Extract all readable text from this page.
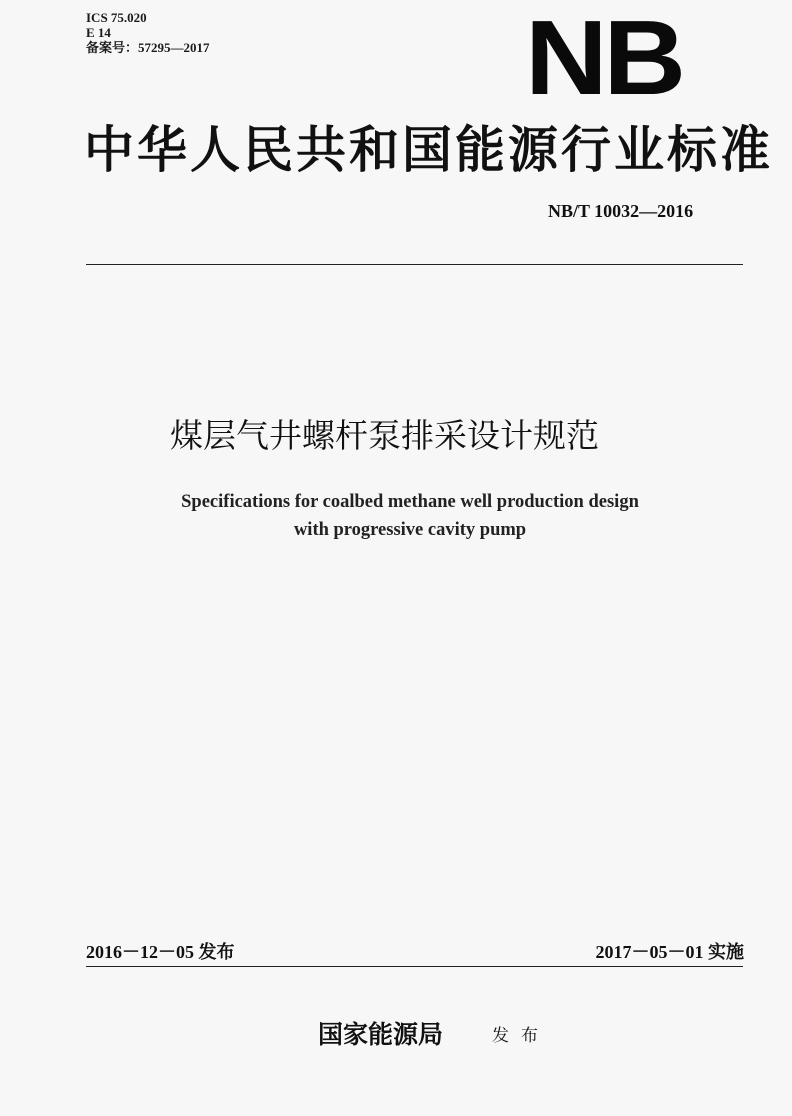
ICS 75.020
E 14
备案号：57295—2017	NB
中华人民共和国能源行业标准
NB/T 10032—2016
煤层气井螺杆泵排采设计规范
Specifications for coalbed methane well production design
with progressive cavity pump
2016－12－05 发布	2017－05－01 实施
国家能源局	发布
